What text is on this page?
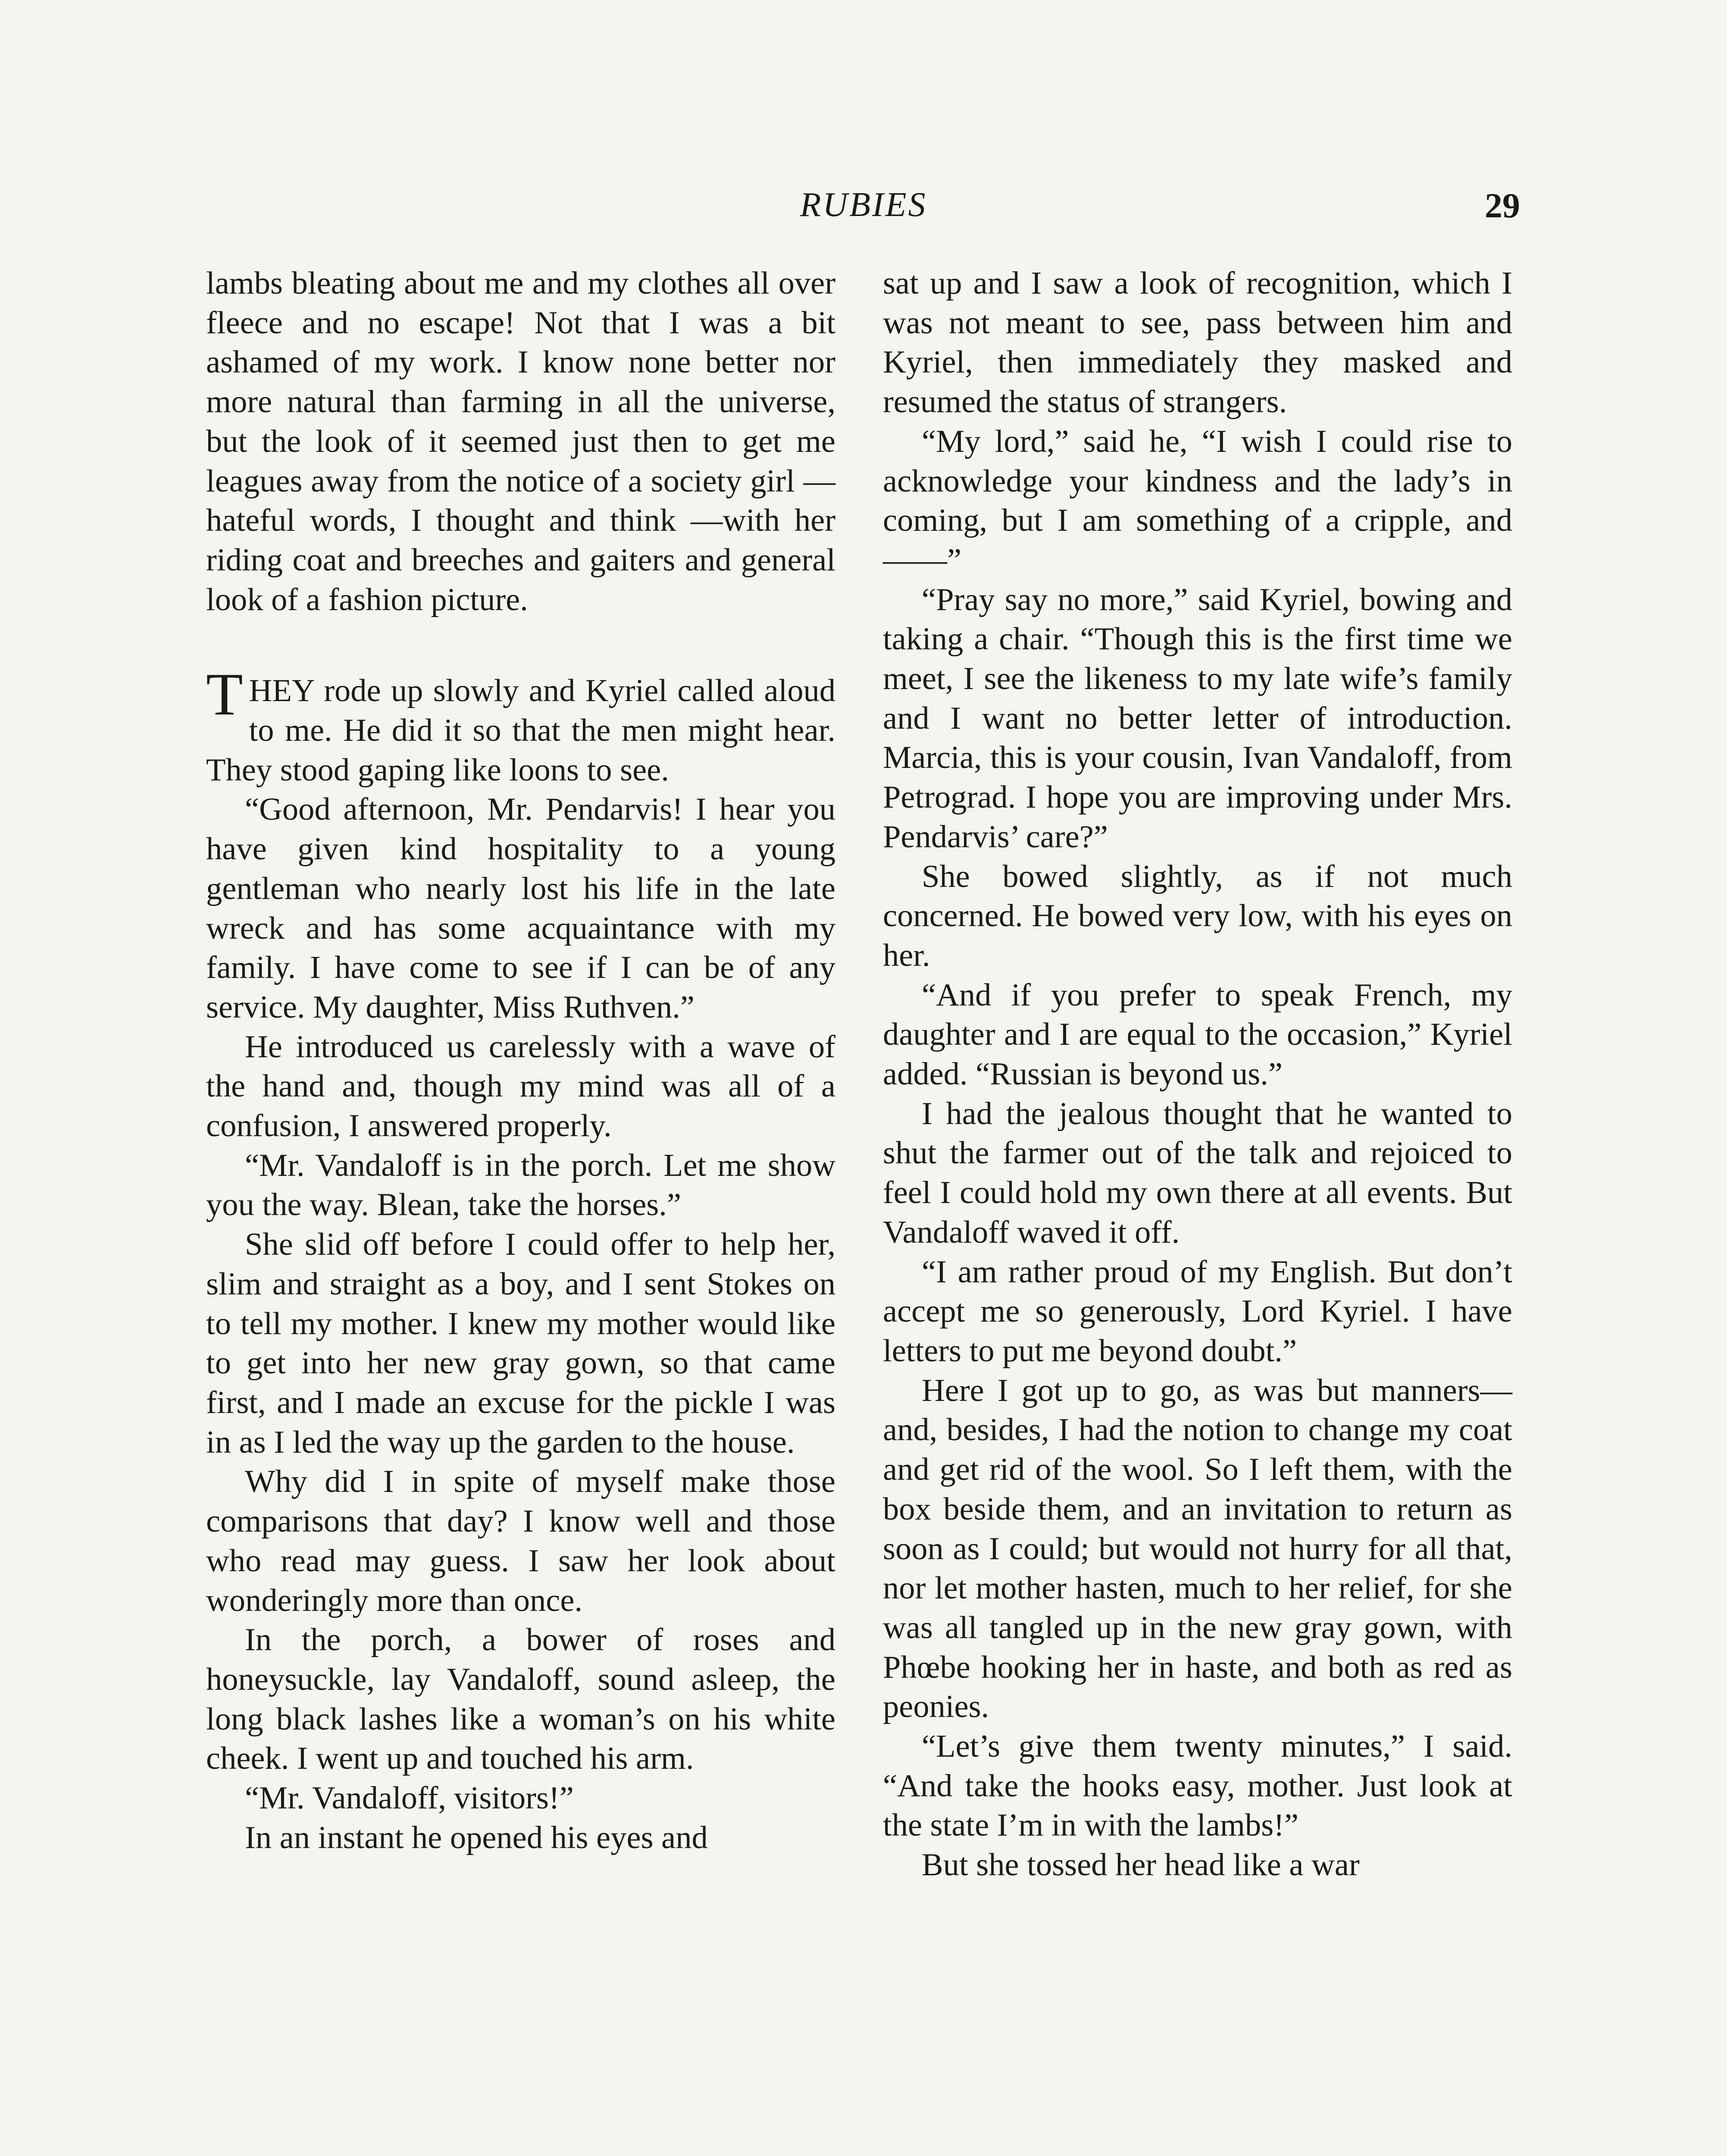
RUBIES	29

lambs bleating about me and my clothes all over fleece and no escape! Not that I was a bit ashamed of my work. I know none better nor more natural than farming in all the universe, but the look of it seemed just then to get me leagues away from the notice of a society girl —hateful words, I thought and think —with her riding coat and breeches and gaiters and general look of a fashion picture.

THEY rode up slowly and Kyriel called aloud to me. He did it so that the men might hear. They stood gaping like loons to see.

“Good afternoon, Mr. Pendarvis! I hear you have given kind hospitality to a young gentleman who nearly lost his life in the late wreck and has some acquaintance with my family. I have come to see if I can be of any service. My daughter, Miss Ruthven.”

He introduced us carelessly with a wave of the hand and, though my mind was all of a confusion, I answered properly.

“Mr. Vandaloff is in the porch. Let me show you the way. Blean, take the horses.”

She slid off before I could offer to help her, slim and straight as a boy, and I sent Stokes on to tell my mother. I knew my mother would like to get into her new gray gown, so that came first, and I made an excuse for the pickle I was in as I led the way up the garden to the house.

Why did I in spite of myself make those comparisons that day? I know well and those who read may guess. I saw her look about wonderingly more than once.

In the porch, a bower of roses and honeysuckle, lay Vandaloff, sound asleep, the long black lashes like a woman’s on his white cheek. I went up and touched his arm.

“Mr. Vandaloff, visitors!”

In an instant he opened his eyes and

sat up and I saw a look of recognition, which I was not meant to see, pass between him and Kyriel, then immediately they masked and resumed the status of strangers.

“My lord,” said he, “I wish I could rise to acknowledge your kindness and the lady’s in coming, but I am something of a cripple, and——”

“Pray say no more,” said Kyriel, bowing and taking a chair. “Though this is the first time we meet, I see the likeness to my late wife’s family and I want no better letter of introduction. Marcia, this is your cousin, Ivan Vandaloff, from Petrograd. I hope you are improving under Mrs. Pendarvis’ care?”

She bowed slightly, as if not much concerned. He bowed very low, with his eyes on her.

“And if you prefer to speak French, my daughter and I are equal to the occasion,” Kyriel added. “Russian is beyond us.”

I had the jealous thought that he wanted to shut the farmer out of the talk and rejoiced to feel I could hold my own there at all events. But Vandaloff waved it off.

“I am rather proud of my English. But don’t accept me so generously, Lord Kyriel. I have letters to put me beyond doubt.”

Here I got up to go, as was but manners—and, besides, I had the notion to change my coat and get rid of the wool. So I left them, with the box beside them, and an invitation to return as soon as I could; but would not hurry for all that, nor let mother hasten, much to her relief, for she was all tangled up in the new gray gown, with Phœbe hooking her in haste, and both as red as peonies.

“Let’s give them twenty minutes,” I said. “And take the hooks easy, mother. Just look at the state I’m in with the lambs!”

But she tossed her head like a war
